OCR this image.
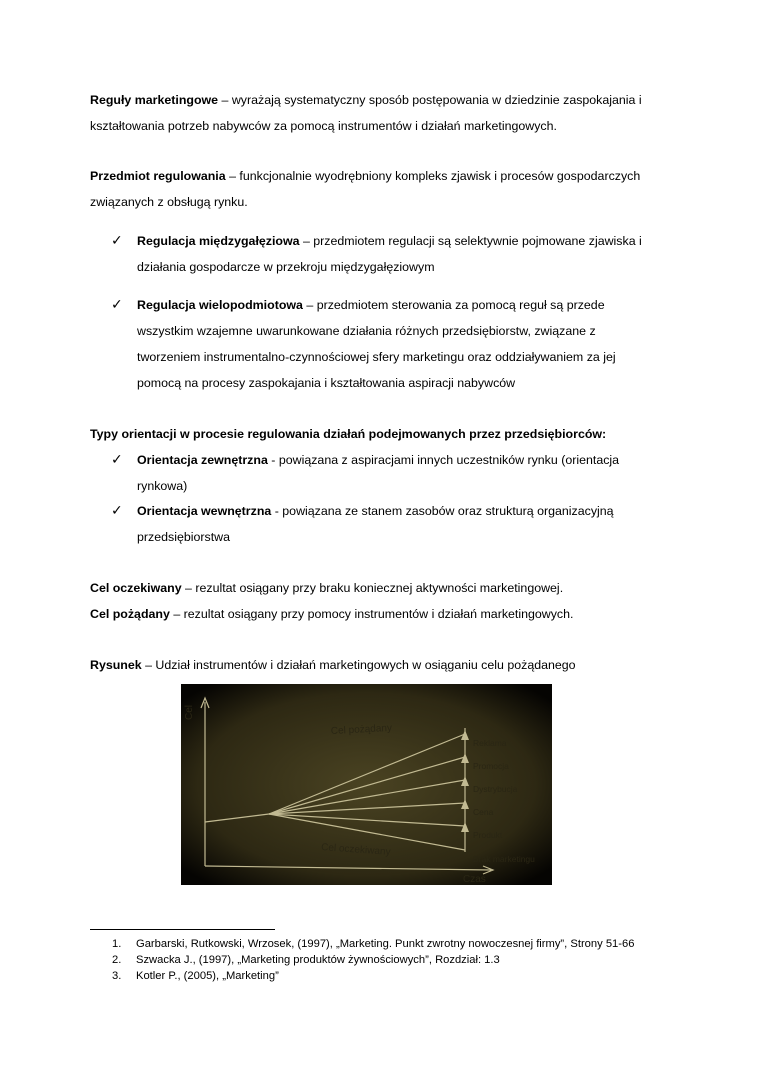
Reguły marketingowe – wyrażają systematyczny sposób postępowania w dziedzinie zaspokajania i
kształtowania potrzeb nabywców za pomocą instrumentów i działań marketingowych.
Przedmiot regulowania – funkcjonalnie wyodrębniony kompleks zjawisk i procesów gospodarczych
związanych z obsługą rynku.
✓	Regulacja międzygałęziowa – przedmiotem regulacji są selektywnie pojmowane zjawiska i
działania gospodarcze w przekroju międzygałęziowym
✓	Regulacja wielopodmiotowa – przedmiotem sterowania za pomocą reguł są przede
wszystkim wzajemne uwarunkowane działania różnych przedsiębiorstw, związane z
tworzeniem instrumentalno-czynnościowej sfery marketingu oraz oddziaływaniem za jej
pomocą na procesy zaspokajania i kształtowania aspiracji nabywców
Typy orientacji w procesie regulowania działań podejmowanych przez przedsiębiorców:
✓	Orientacja zewnętrzna - powiązana z aspiracjami innych uczestników rynku (orientacja
rynkowa)
✓	Orientacja wewnętrzna - powiązana ze stanem zasobów oraz strukturą organizacyjną
przedsiębiorstwa
Cel oczekiwany – rezultat osiągany przy braku koniecznej aktywności marketingowej.
Cel pożądany – rezultat osiągany przy pomocy instrumentów i działań marketingowych.
Rysunek – Udział instrumentów i działań marketingowych w osiąganiu celu pożądanego
Cel
Czas
Cel pożądany
Cel oczekiwany
Reklama
Promocja
Dystrybucja
Cena
Produkt
Brak marketingu
1. Garbarski, Rutkowski, Wrzosek, (1997), „Marketing. Punkt zwrotny nowoczesnej firmy”, Strony 51-66
2. Szwacka J., (1997), „Marketing produktów żywnościowych”, Rozdział: 1.3
3. Kotler P., (2005), „Marketing”
